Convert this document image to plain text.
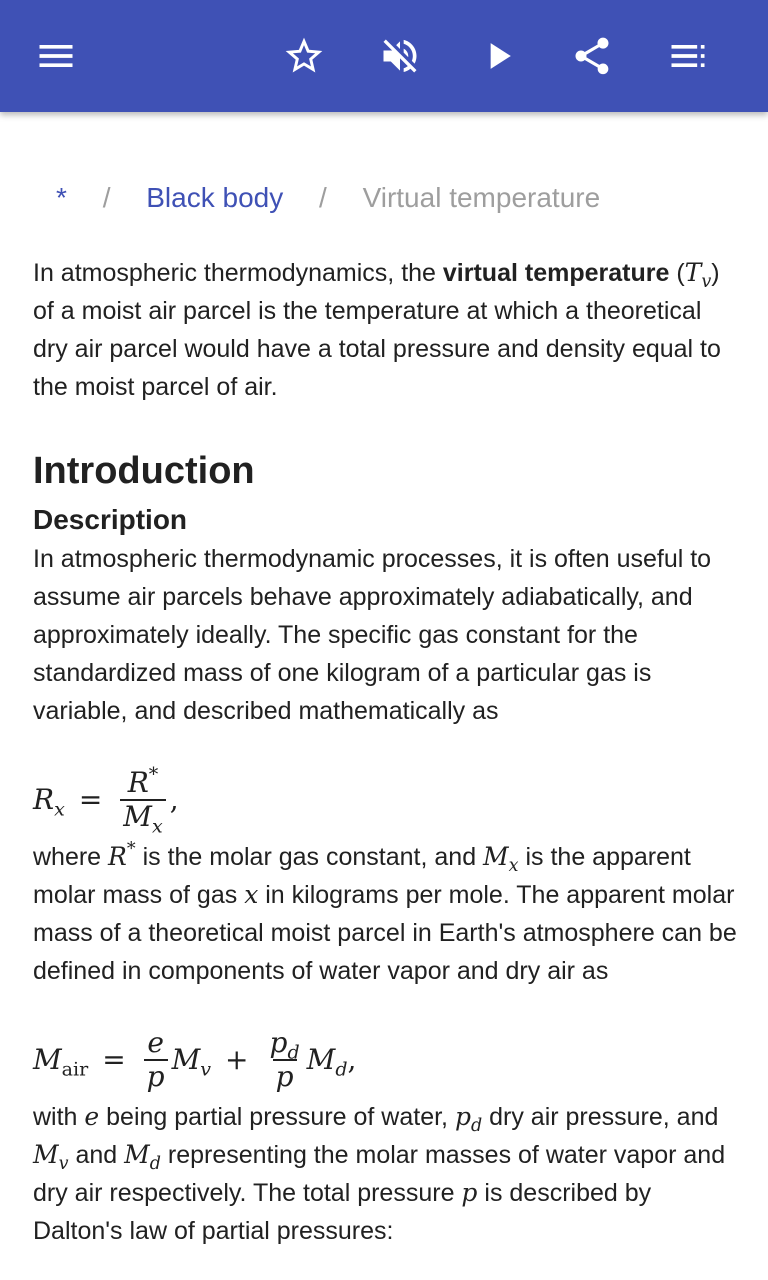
* / Black body / Virtual temperature

In atmospheric thermodynamics, the virtual temperature $(T_v)$ of a moist air parcel is the temperature at which a theoretical dry air parcel would have a total pressure and density equal to the moist parcel of air.

Introduction
Description

In atmospheric thermodynamic processes, it is often useful to assume air parcels behave approximately adiabatically, and approximately ideally. The specific gas constant for the standardized mass of one kilogram of a particular gas is variable, and described mathematically as

$R_x = \frac{R^*}{M_x}$ ,

where R* is the molar gas constant, and $M_x$ is the apparent molar mass of gas x in kilograms per mole. The apparent molar mass of a theoretical moist parcel in Earth's atmosphere can be defined in components of water vapor and dry air as

$M_{air} = \frac{e}{p} M_v + \frac{p_d}{p} M_d$ ,

with e being partial pressure of water, $p_d$ dry air pressure, and $M_v$ and $M_d$ representing the molar masses of water vapor and dry air respectively. The total pressure p is described by Dalton's law of partial pressures:
